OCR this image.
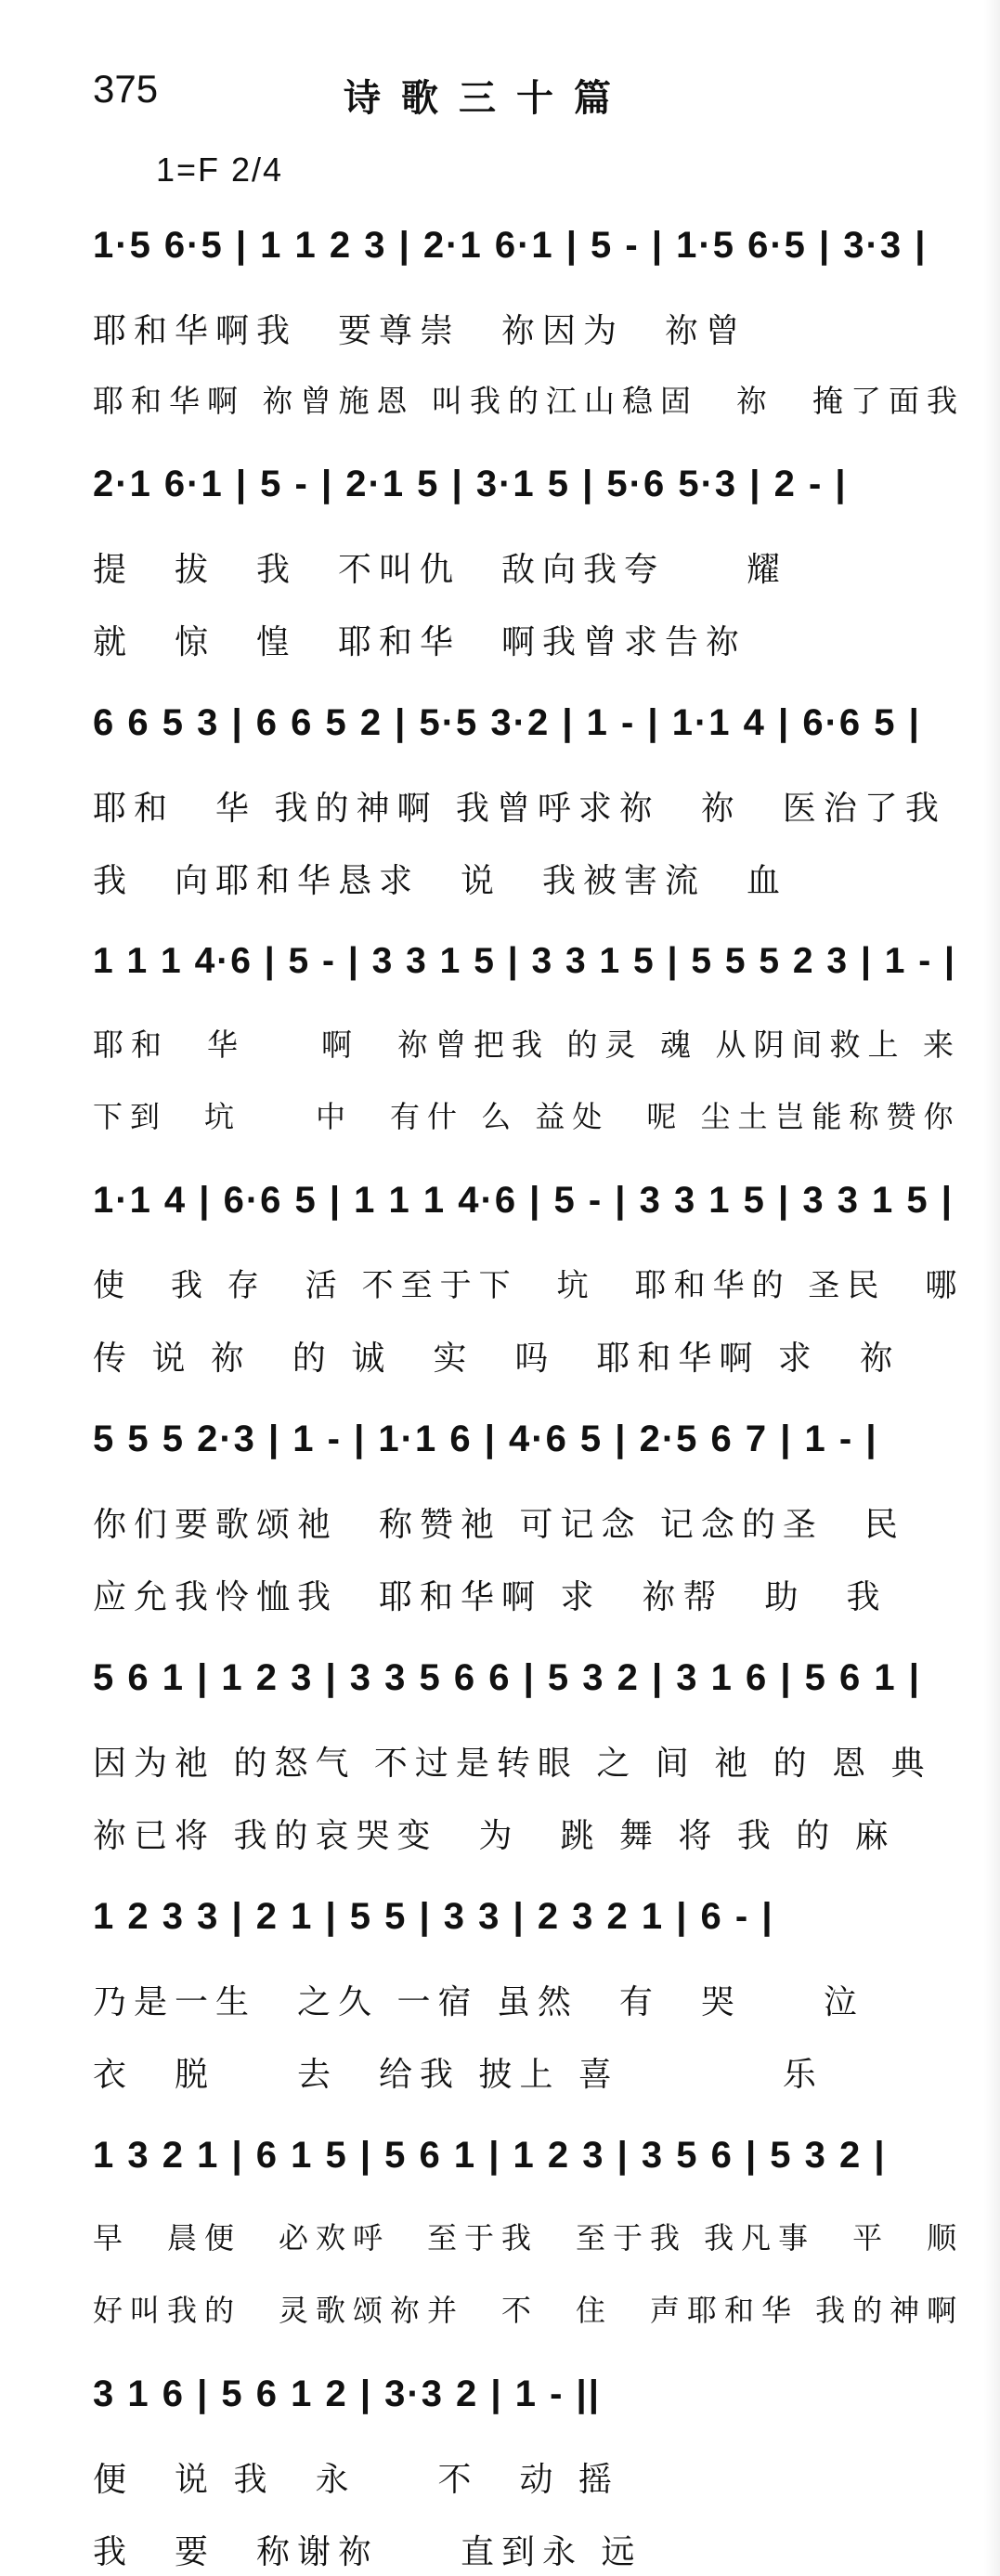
375	诗歌三十篇
1=F 2/4
1·5 6·5 | 1 1 2 3 | 2·1 6·1 | 5 - | 1·5 6·5 | 3·3 |
耶和华啊我　要尊崇　祢因为　祢曾
耶和华啊 祢曾施恩 叫我的江山稳固　祢　掩了面我
2·1 6·1 | 5 - | 2·1 5 | 3·1 5 | 5·6 5·3 | 2 - |
提　拔　我　不叫仇　敌向我夸　　耀
就　惊　惶　耶和华　啊我曾求告祢
6 6 5 3 | 6 6 5 2 | 5·5 3·2 | 1 - | 1·1 4 | 6·6 5 |
耶和　华 我的神啊 我曾呼求祢　祢　医治了我
我　向耶和华恳求　说　我被害流　血
1 1 1 4·6 | 5 - | 3 3 1 5 | 3 3 1 5 | 5 5 5 2 3 | 1 - |
耶和　华　　啊　祢曾把我 的灵 魂 从阴间救上 来
下到　坑　　中　有什 么 益处　呢 尘土岂能称赞你
1·1 4 | 6·6 5 | 1 1 1 4·6 | 5 - | 3 3 1 5 | 3 3 1 5 |
使　我 存　活 不至于下　坑　耶和华的 圣民　哪
传 说 祢　的 诚　实　吗　耶和华啊 求　祢
5 5 5 2·3 | 1 - | 1·1 6 | 4·6 5 | 2·5 6 7 | 1 - |
你们要歌颂祂　称赞祂 可记念 记念的圣　民
应允我怜恤我　耶和华啊 求　祢帮　助　我
5 6 1 | 1 2 3 | 3 3 5 6 6 | 5 3 2 | 3 1 6 | 5 6 1 |
因为祂 的怒气 不过是转眼 之 间 祂 的 恩 典
祢已将 我的哀哭变　为　跳 舞 将 我 的 麻
1 2 3 3 | 2 1 | 5 5 | 3 3 | 2 3 2 1 | 6 - |
乃是一生　之久 一宿 虽然　有　哭　　泣
衣　脱　　去　给我 披上 喜　　　　乐
1 3 2 1 | 6 1 5 | 5 6 1 | 1 2 3 | 3 5 6 | 5 3 2 |
早　晨便　必欢呼　至于我　至于我 我凡事　平　顺
好叫我的　灵歌颂祢并　不　住　声耶和华 我的神啊
3 1 6 | 5 6 1 2 | 3·3 2 | 1 - ||
便　说 我　永　　不　动 摇
我　要　称谢祢　　直到永 远
